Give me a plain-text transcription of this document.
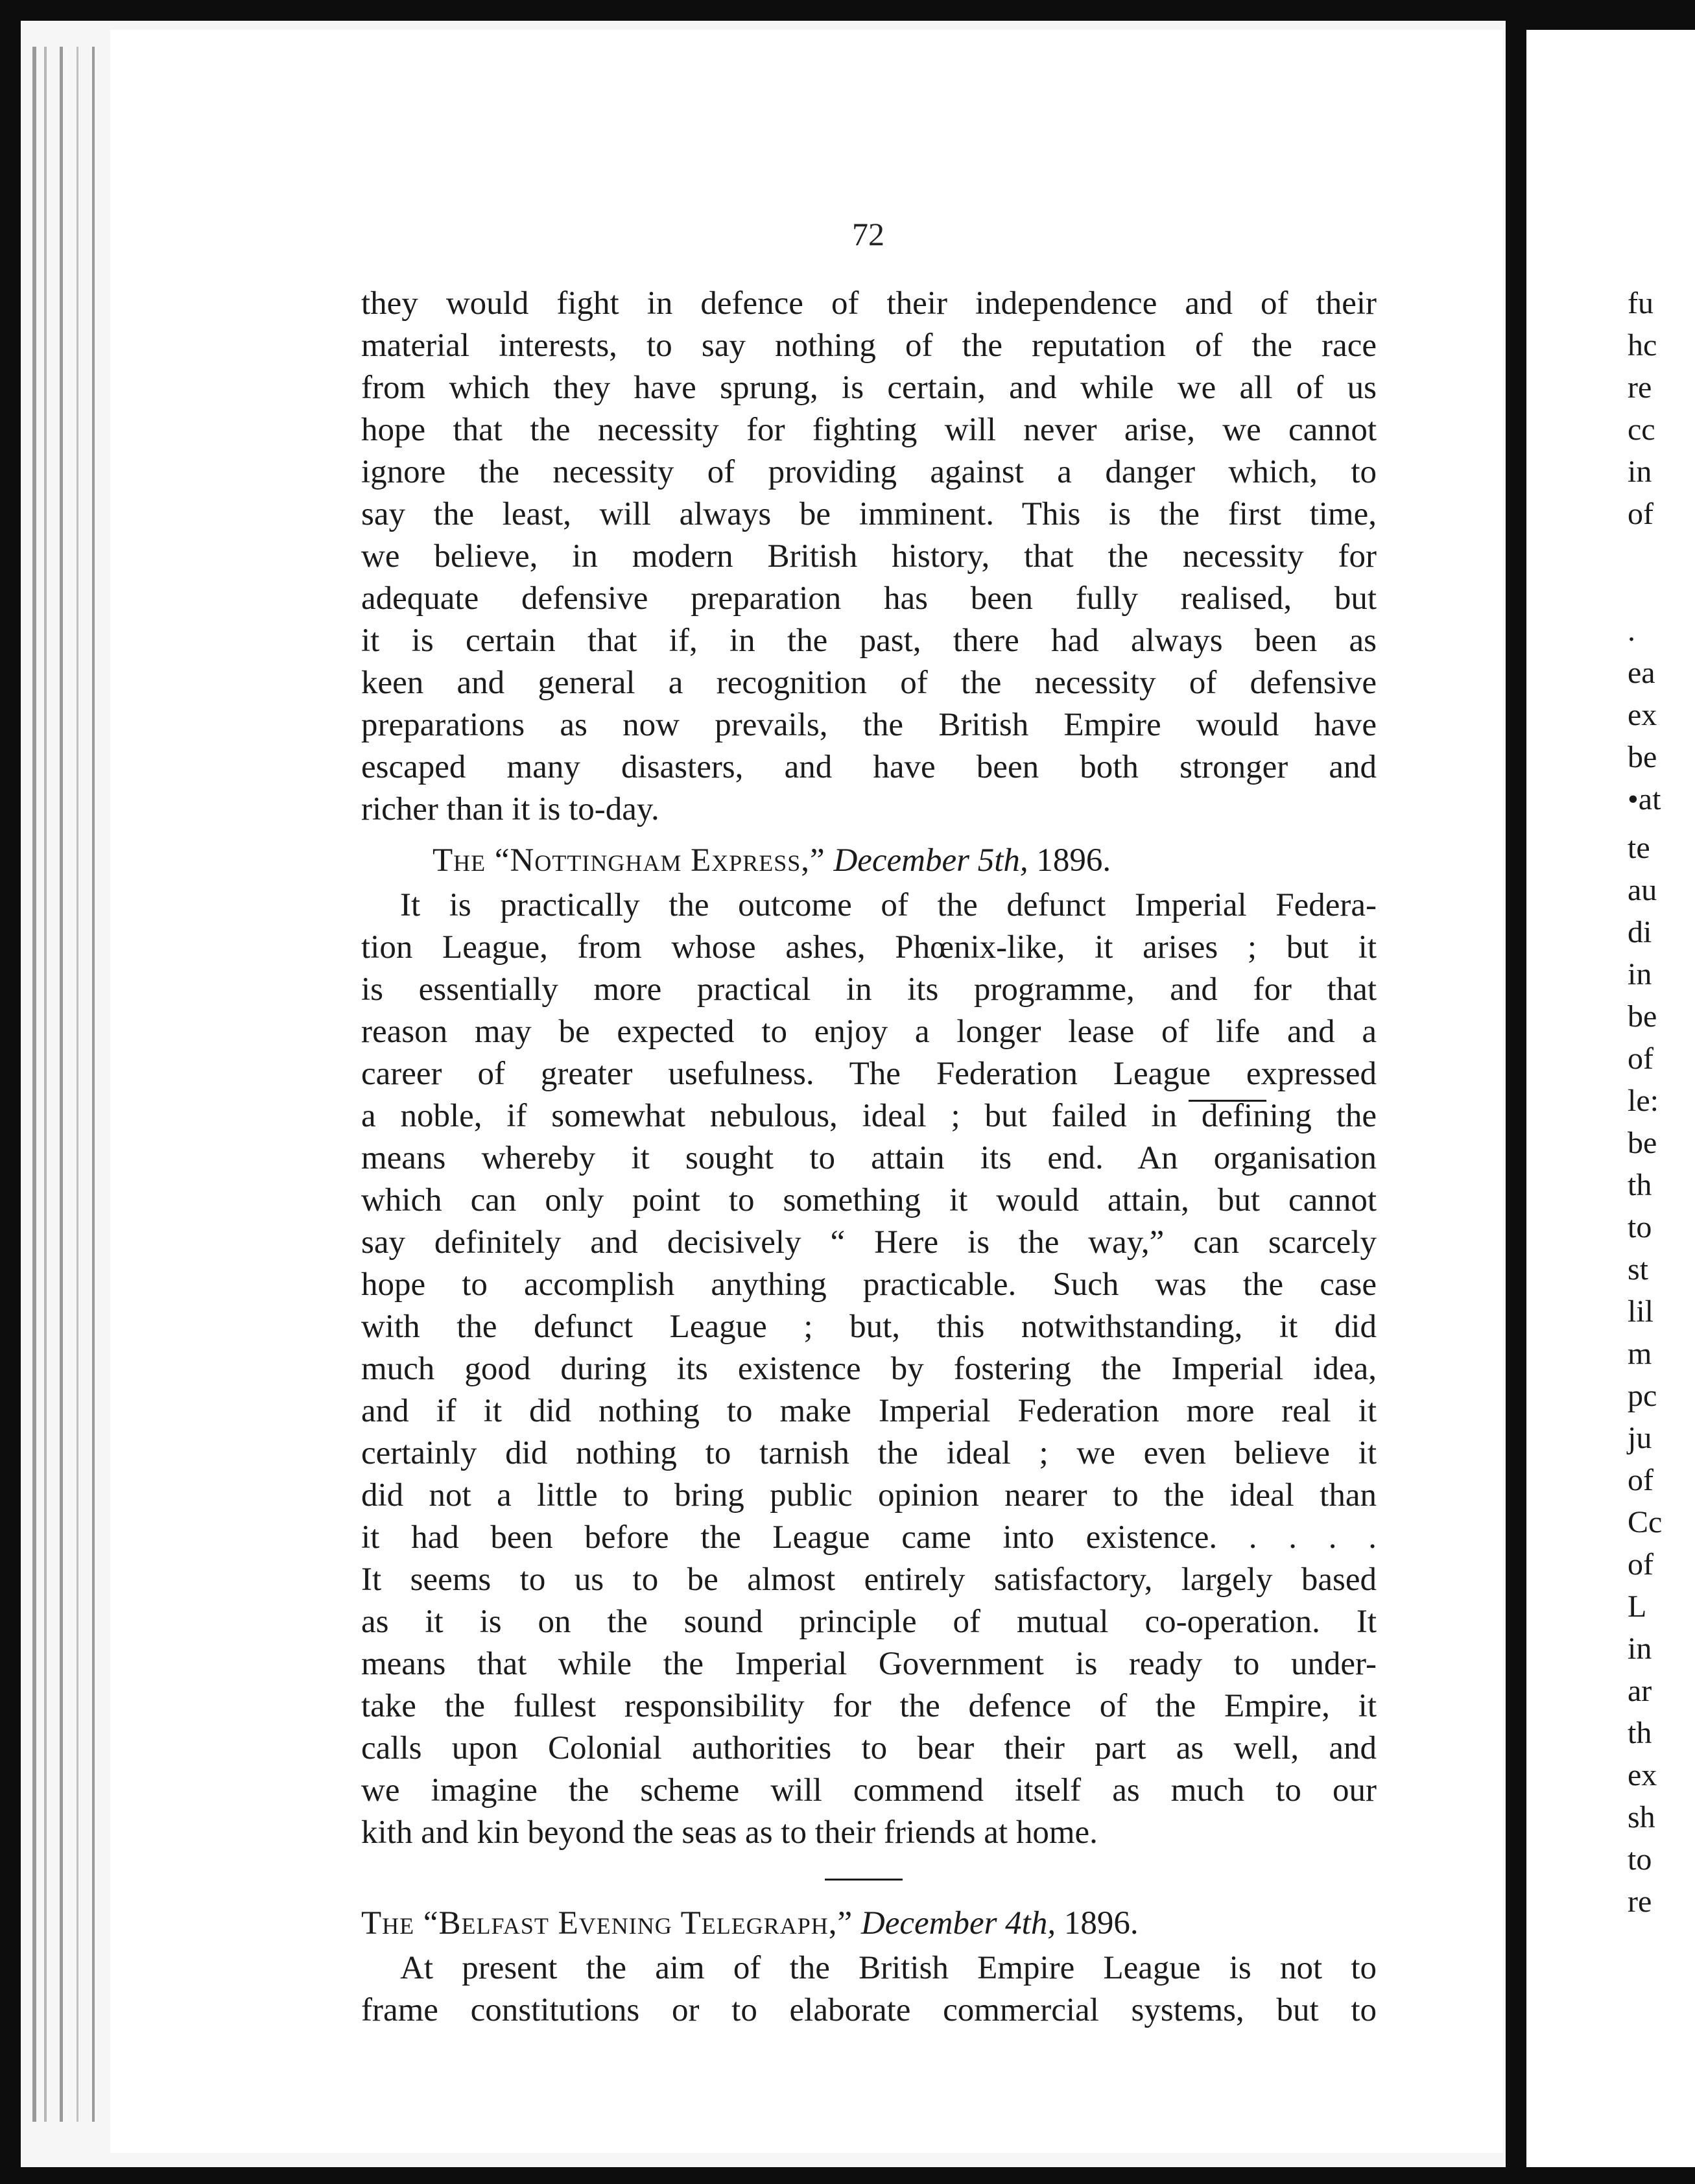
72
they would fight in defence of their independence and of their
material interests, to say nothing of the reputation of the race
from which they have sprung, is certain, and while we all of us
hope that the necessity for fighting will never arise, we cannot
ignore the necessity of providing against a danger which, to
say the least, will always be imminent. This is the first time,
we believe, in modern British history, that the necessity for
adequate defensive preparation has been fully realised, but
it is certain that if, in the past, there had always been as
keen and general a recognition of the necessity of defensive
preparations as now prevails, the British Empire would have
escaped many disasters, and have been both stronger and
richer than it is to-day.
The “Nottingham Express,” December 5th, 1896.
It is practically the outcome of the defunct Imperial Federa-
tion League, from whose ashes, Phœnix-like, it arises ; but it
is essentially more practical in its programme, and for that
reason may be expected to enjoy a longer lease of life and a
career of greater usefulness. The Federation League expressed
a noble, if somewhat nebulous, ideal ; but failed in defining the
means whereby it sought to attain its end. An organisation
which can only point to something it would attain, but cannot
say definitely and decisively “ Here is the way,” can scarcely
hope to accomplish anything practicable. Such was the case
with the defunct League ; but, this notwithstanding, it did
much good during its existence by fostering the Imperial idea,
and if it did nothing to make Imperial Federation more real it
certainly did nothing to tarnish the ideal ; we even believe it
did not a little to bring public opinion nearer to the ideal than
it had been before the League came into existence. . . . .
It seems to us to be almost entirely satisfactory, largely based
as it is on the sound principle of mutual co-operation. It
means that while the Imperial Government is ready to under-
take the fullest responsibility for the defence of the Empire, it
calls upon Colonial authorities to bear their part as well, and
we imagine the scheme will commend itself as much to our
kith and kin beyond the seas as to their friends at home.
The “Belfast Evening Telegraph,” December 4th, 1896.
At present the aim of the British Empire League is not to
frame constitutions or to elaborate commercial systems, but to
fu
hc
re
cc
in
of
.
ea
ex
be
•at
te
au
di
in
be
of
le:
be
th
to
st
lil
m
pc
ju
of
Cc
of
L
in
ar
th
ex
sh
to
re
